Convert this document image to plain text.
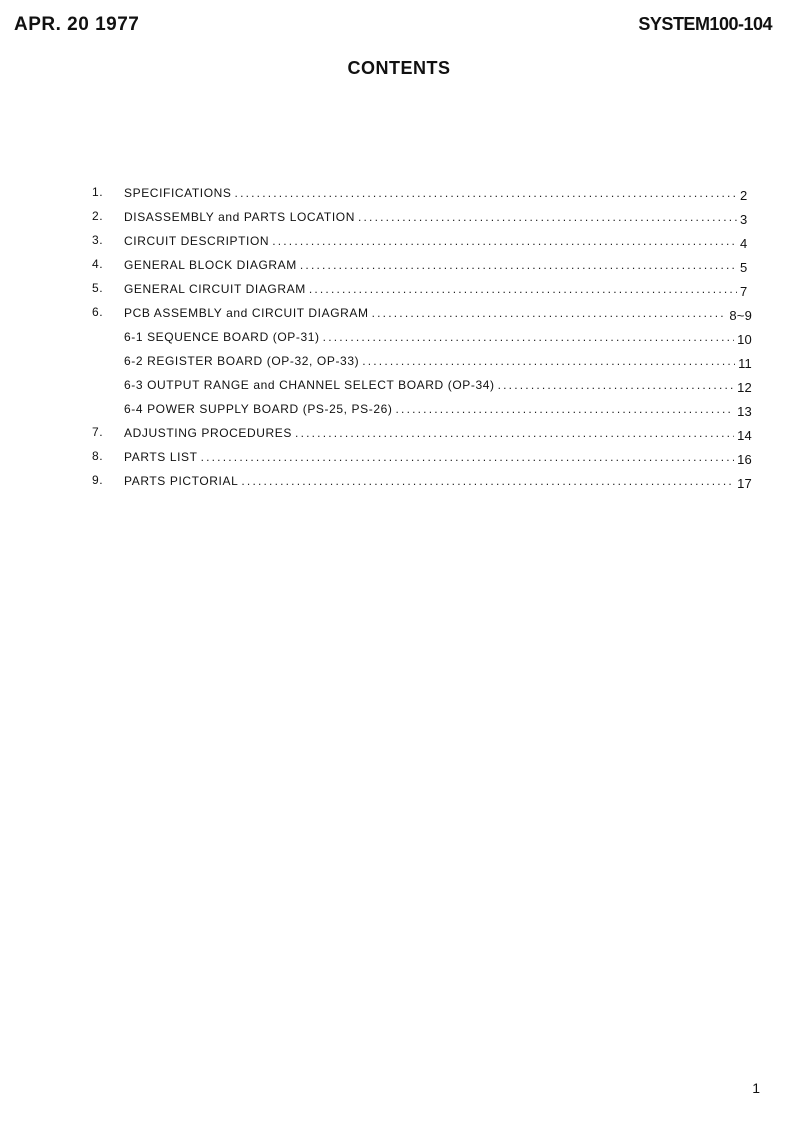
APR. 20 1977	SYSTEM100-104
CONTENTS
1. SPECIFICATIONS .....	2
2. DISASSEMBLY and PARTS LOCATION .....	3
3. CIRCUIT DESCRIPTION .....	4
4. GENERAL BLOCK DIAGRAM .....	5
5. GENERAL CIRCUIT DIAGRAM .....	7
6. PCB ASSEMBLY and CIRCUIT DIAGRAM .....	8~9
6-1 SEQUENCE BOARD (OP-31) .....	10
6-2 REGISTER BOARD (OP-32, OP-33) .....	11
6-3 OUTPUT RANGE and CHANNEL SELECT BOARD (OP-34) .....	12
6-4 POWER SUPPLY BOARD (PS-25, PS-26) .....	13
7. ADJUSTING PROCEDURES .....	14
8. PARTS LIST .....	16
9. PARTS PICTORIAL .....	17
1
